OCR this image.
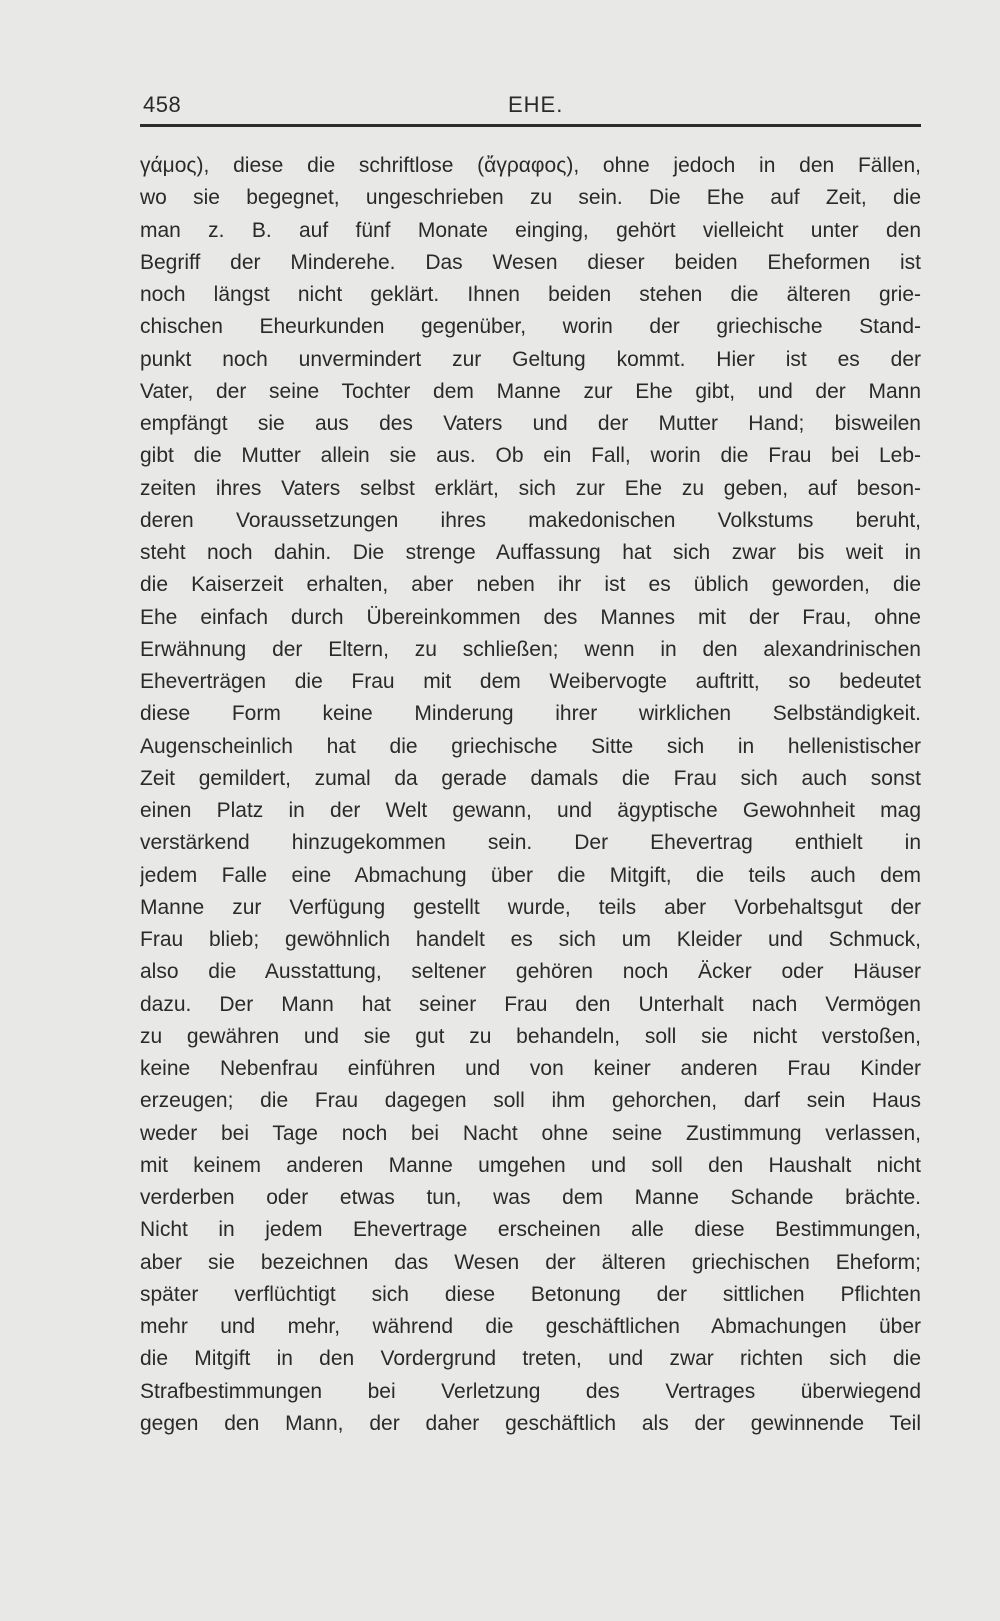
458	EHE.
γάμος), diese die schriftlose (ἄγραφος), ohne jedoch in den Fällen,
wo sie begegnet, ungeschrieben zu sein. Die Ehe auf Zeit, die
man z. B. auf fünf Monate einging, gehört vielleicht unter den
Begriff der Minderehe. Das Wesen dieser beiden Eheformen ist
noch längst nicht geklärt. Ihnen beiden stehen die älteren grie-
chischen Eheurkunden gegenüber, worin der griechische Stand-
punkt noch unvermindert zur Geltung kommt. Hier ist es der
Vater, der seine Tochter dem Manne zur Ehe gibt, und der Mann
empfängt sie aus des Vaters und der Mutter Hand; bisweilen
gibt die Mutter allein sie aus. Ob ein Fall, worin die Frau bei Leb-
zeiten ihres Vaters selbst erklärt, sich zur Ehe zu geben, auf beson-
deren Voraussetzungen ihres makedonischen Volkstums beruht,
steht noch dahin. Die strenge Auffassung hat sich zwar bis weit in
die Kaiserzeit erhalten, aber neben ihr ist es üblich geworden, die
Ehe einfach durch Übereinkommen des Mannes mit der Frau, ohne
Erwähnung der Eltern, zu schließen; wenn in den alexandrinischen
Eheverträgen die Frau mit dem Weibervogte auftritt, so bedeutet
diese Form keine Minderung ihrer wirklichen Selbständigkeit.
Augenscheinlich hat die griechische Sitte sich in hellenistischer
Zeit gemildert, zumal da gerade damals die Frau sich auch sonst
einen Platz in der Welt gewann, und ägyptische Gewohnheit mag
verstärkend hinzugekommen sein. Der Ehevertrag enthielt in
jedem Falle eine Abmachung über die Mitgift, die teils auch dem
Manne zur Verfügung gestellt wurde, teils aber Vorbehaltsgut der
Frau blieb; gewöhnlich handelt es sich um Kleider und Schmuck,
also die Ausstattung, seltener gehören noch Äcker oder Häuser
dazu. Der Mann hat seiner Frau den Unterhalt nach Vermögen
zu gewähren und sie gut zu behandeln, soll sie nicht verstoßen,
keine Nebenfrau einführen und von keiner anderen Frau Kinder
erzeugen; die Frau dagegen soll ihm gehorchen, darf sein Haus
weder bei Tage noch bei Nacht ohne seine Zustimmung verlassen,
mit keinem anderen Manne umgehen und soll den Haushalt nicht
verderben oder etwas tun, was dem Manne Schande brächte.
Nicht in jedem Ehevertrage erscheinen alle diese Bestimmungen,
aber sie bezeichnen das Wesen der älteren griechischen Eheform;
später verflüchtigt sich diese Betonung der sittlichen Pflichten
mehr und mehr, während die geschäftlichen Abmachungen über
die Mitgift in den Vordergrund treten, und zwar richten sich die
Strafbestimmungen bei Verletzung des Vertrages überwiegend
gegen den Mann, der daher geschäftlich als der gewinnende Teil
